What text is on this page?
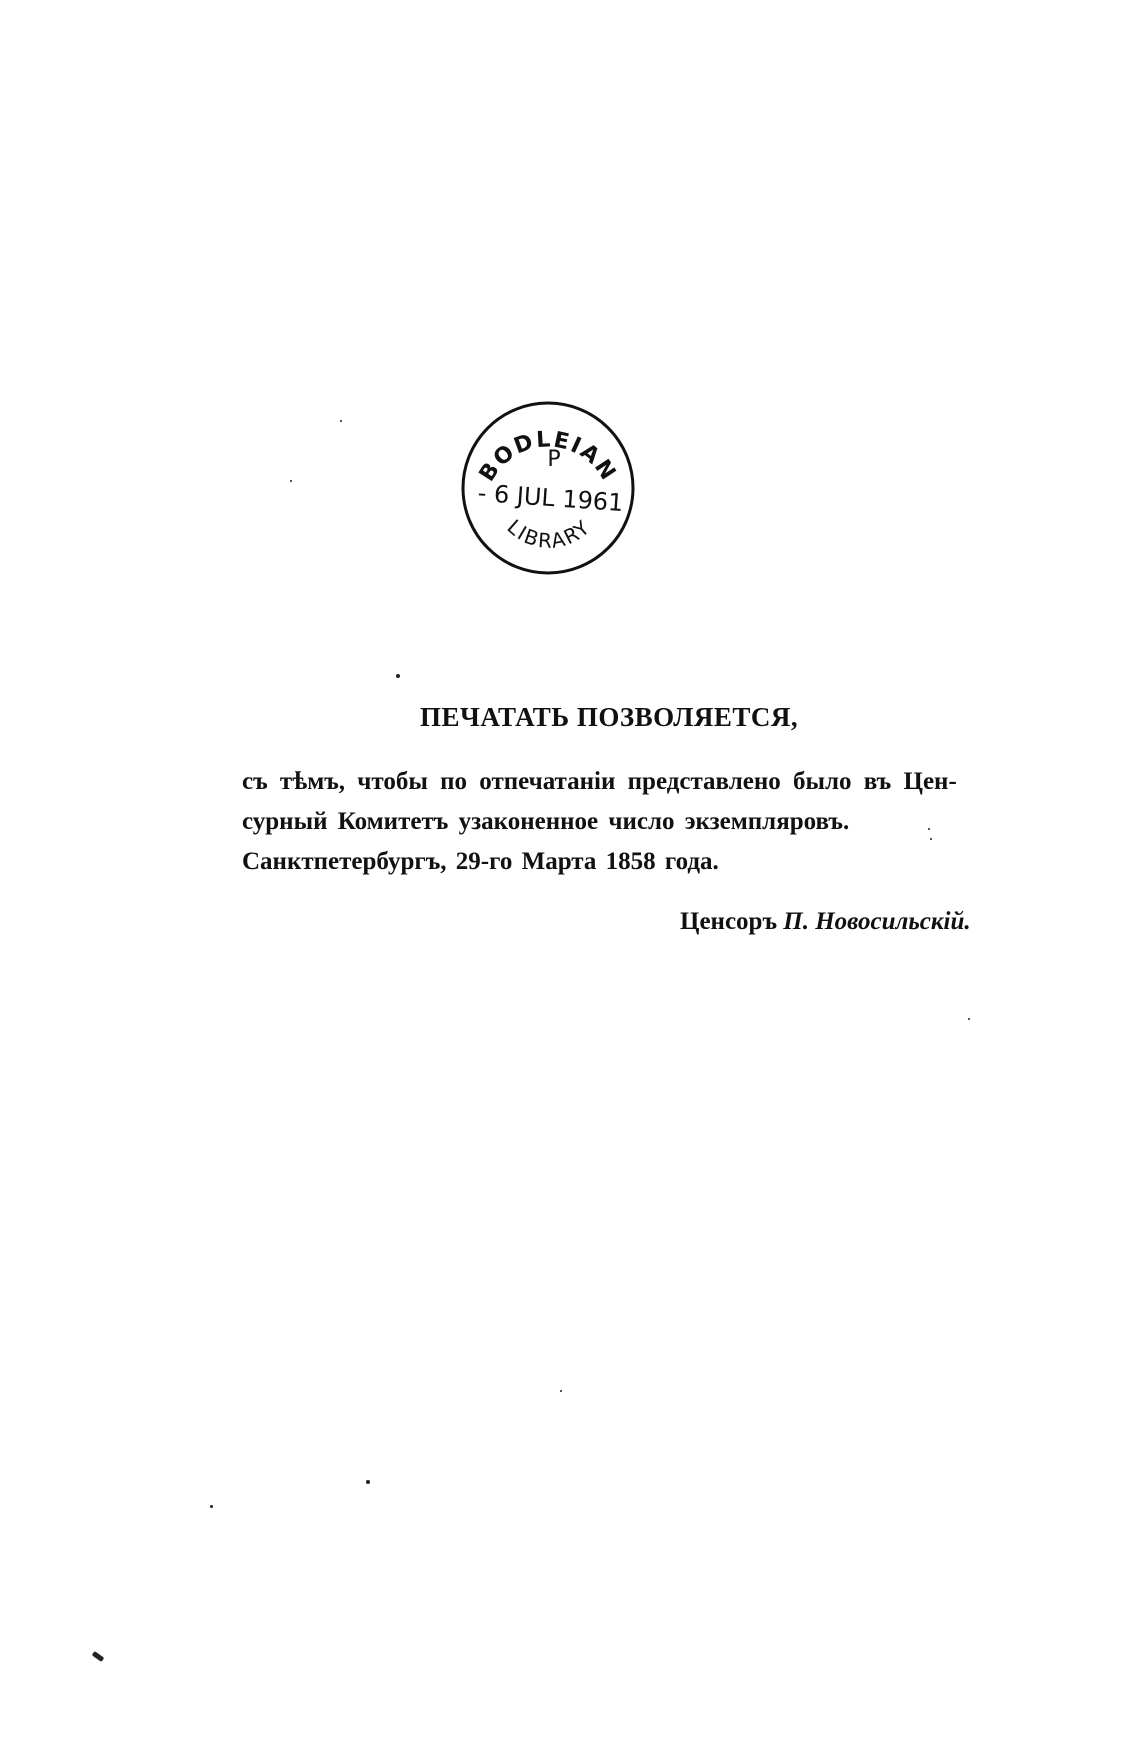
BODLEIAN
P
- 6 JUL 1961
LIBRARY
ПЕЧАТАТЬ ПОЗВОЛЯЕТСЯ,
съ тѣмъ, чтобы по отпечатаніи представлено было въ Цен-
сурный Комитетъ узаконенное число экземпляровъ.
Санктпетербургъ, 29-го Марта 1858 года.
Ценсоръ П. Новосильскій.
